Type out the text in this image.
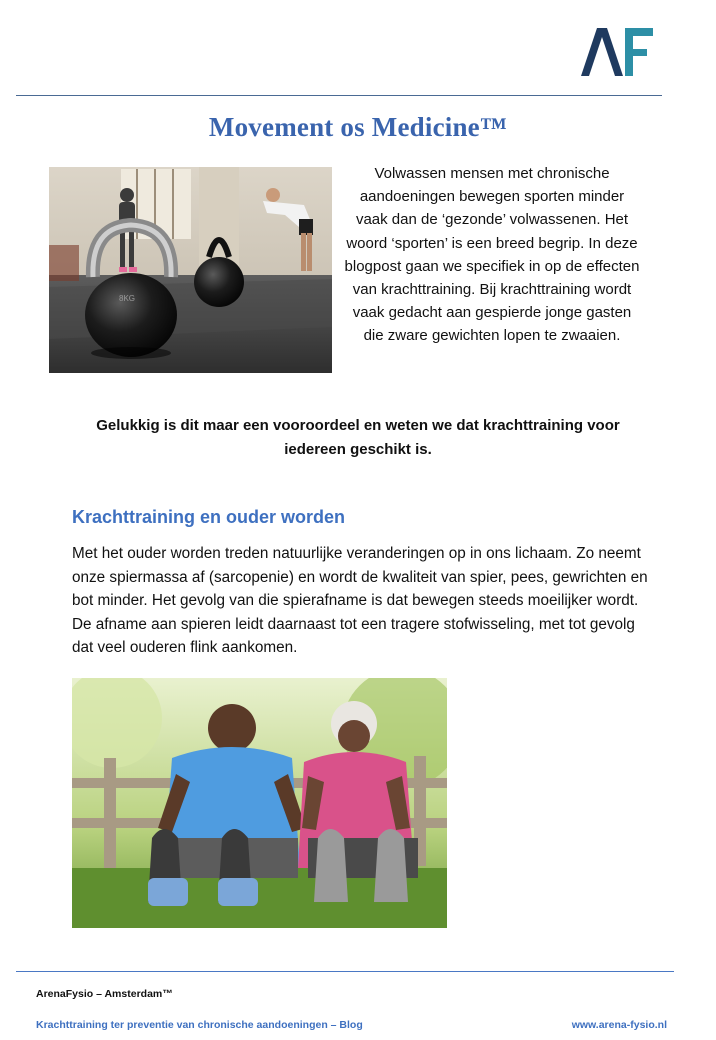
Movement os Medicine™
8KG
Volwassen mensen met chronische aandoeningen bewegen sporten minder vaak dan de ‘gezonde’ volwassenen. Het woord ‘sporten’ is een breed begrip. In deze blogpost gaan we specifiek in op de effecten van krachttraining. Bij krachttraining wordt vaak gedacht aan gespierde jonge gasten die zware gewichten lopen te zwaaien.
Gelukkig is dit maar een vooroordeel en weten we dat krachttraining voor iedereen geschikt is.
Krachttraining en ouder worden
Met het ouder worden treden natuurlijke veranderingen op in ons lichaam. Zo neemt onze spiermassa af (sarcopenie) en wordt de kwaliteit van spier, pees, gewrichten en bot minder. Het gevolg van die spierafname is dat bewegen steeds moeilijker wordt. De afname aan spieren leidt daarnaast tot een tragere stofwisseling, met tot gevolg dat veel ouderen flink aankomen.
ArenaFysio – Amsterdam™
Krachttraining ter preventie van chronische aandoeningen – Blog	www.arena-fysio.nl
